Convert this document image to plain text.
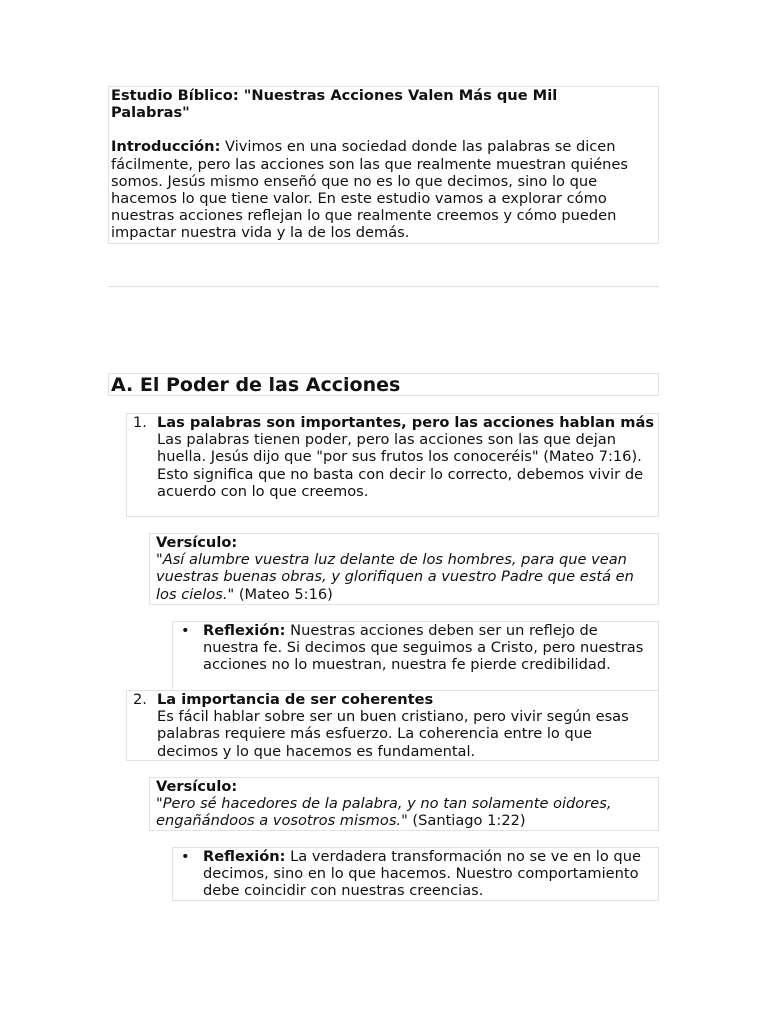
Estudio Bíblico: "Nuestras Acciones Valen Más que Mil Palabras"
Introducción: Vivimos en una sociedad donde las palabras se dicen fácilmente, pero las acciones son las que realmente muestran quiénes somos. Jesús mismo enseñó que no es lo que decimos, sino lo que hacemos lo que tiene valor. En este estudio vamos a explorar cómo nuestras acciones reflejan lo que realmente creemos y cómo pueden impactar nuestra vida y la de los demás.
A. El Poder de las Acciones
1. Las palabras son importantes, pero las acciones hablan más
Las palabras tienen poder, pero las acciones son las que dejan huella. Jesús dijo que "por sus frutos los conoceréis" (Mateo 7:16). Esto significa que no basta con decir lo correcto, debemos vivir de acuerdo con lo que creemos.
Versículo:
"Así alumbre vuestra luz delante de los hombres, para que vean vuestras buenas obras, y glorifiquen a vuestro Padre que está en los cielos." (Mateo 5:16)
• Reflexión: Nuestras acciones deben ser un reflejo de nuestra fe. Si decimos que seguimos a Cristo, pero nuestras acciones no lo muestran, nuestra fe pierde credibilidad.
2. La importancia de ser coherentes
Es fácil hablar sobre ser un buen cristiano, pero vivir según esas palabras requiere más esfuerzo. La coherencia entre lo que decimos y lo que hacemos es fundamental.
Versículo:
"Pero sé hacedores de la palabra, y no tan solamente oidores, engañándoos a vosotros mismos." (Santiago 1:22)
• Reflexión: La verdadera transformación no se ve en lo que decimos, sino en lo que hacemos. Nuestro comportamiento debe coincidir con nuestras creencias.
